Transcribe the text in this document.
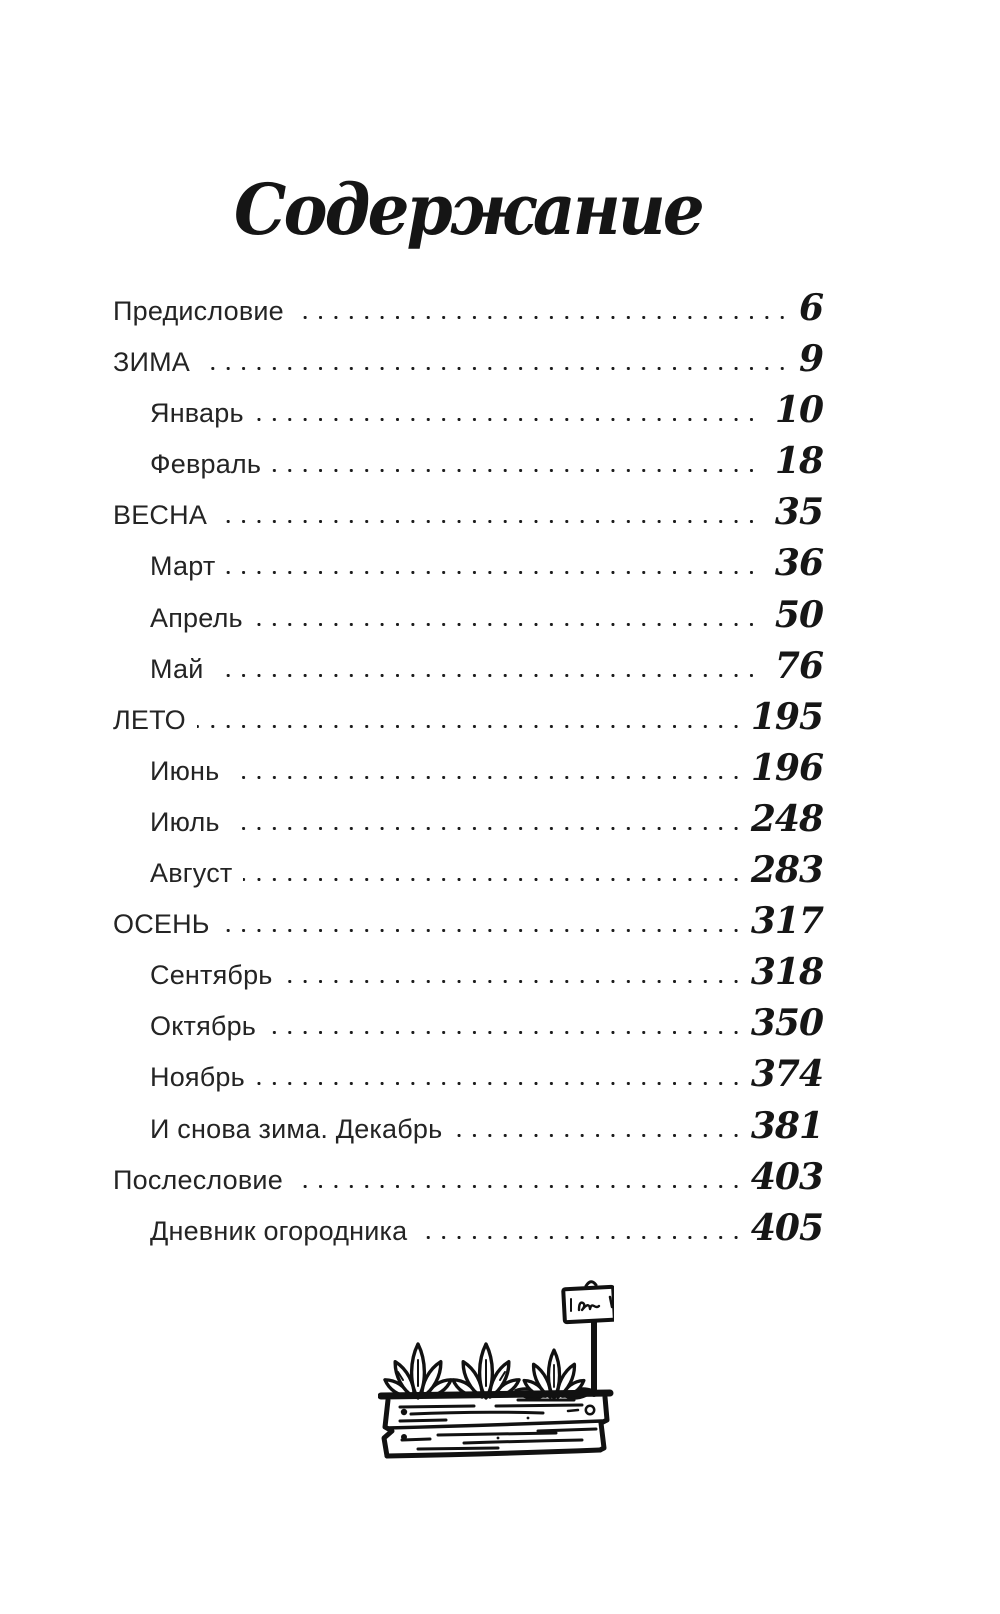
Содержание
Предисловие	6
ЗИМА	9
Январь	10
Февраль	18
ВЕСНА	35
Март	36
Апрель	50
Май	76
ЛЕТО	195
Июнь	196
Июль	248
Август	283
ОСЕНЬ	317
Сентябрь	318
Октябрь	350
Ноябрь	374
И снова зима. Декабрь	381
Послесловие	403
Дневник огородника	405
